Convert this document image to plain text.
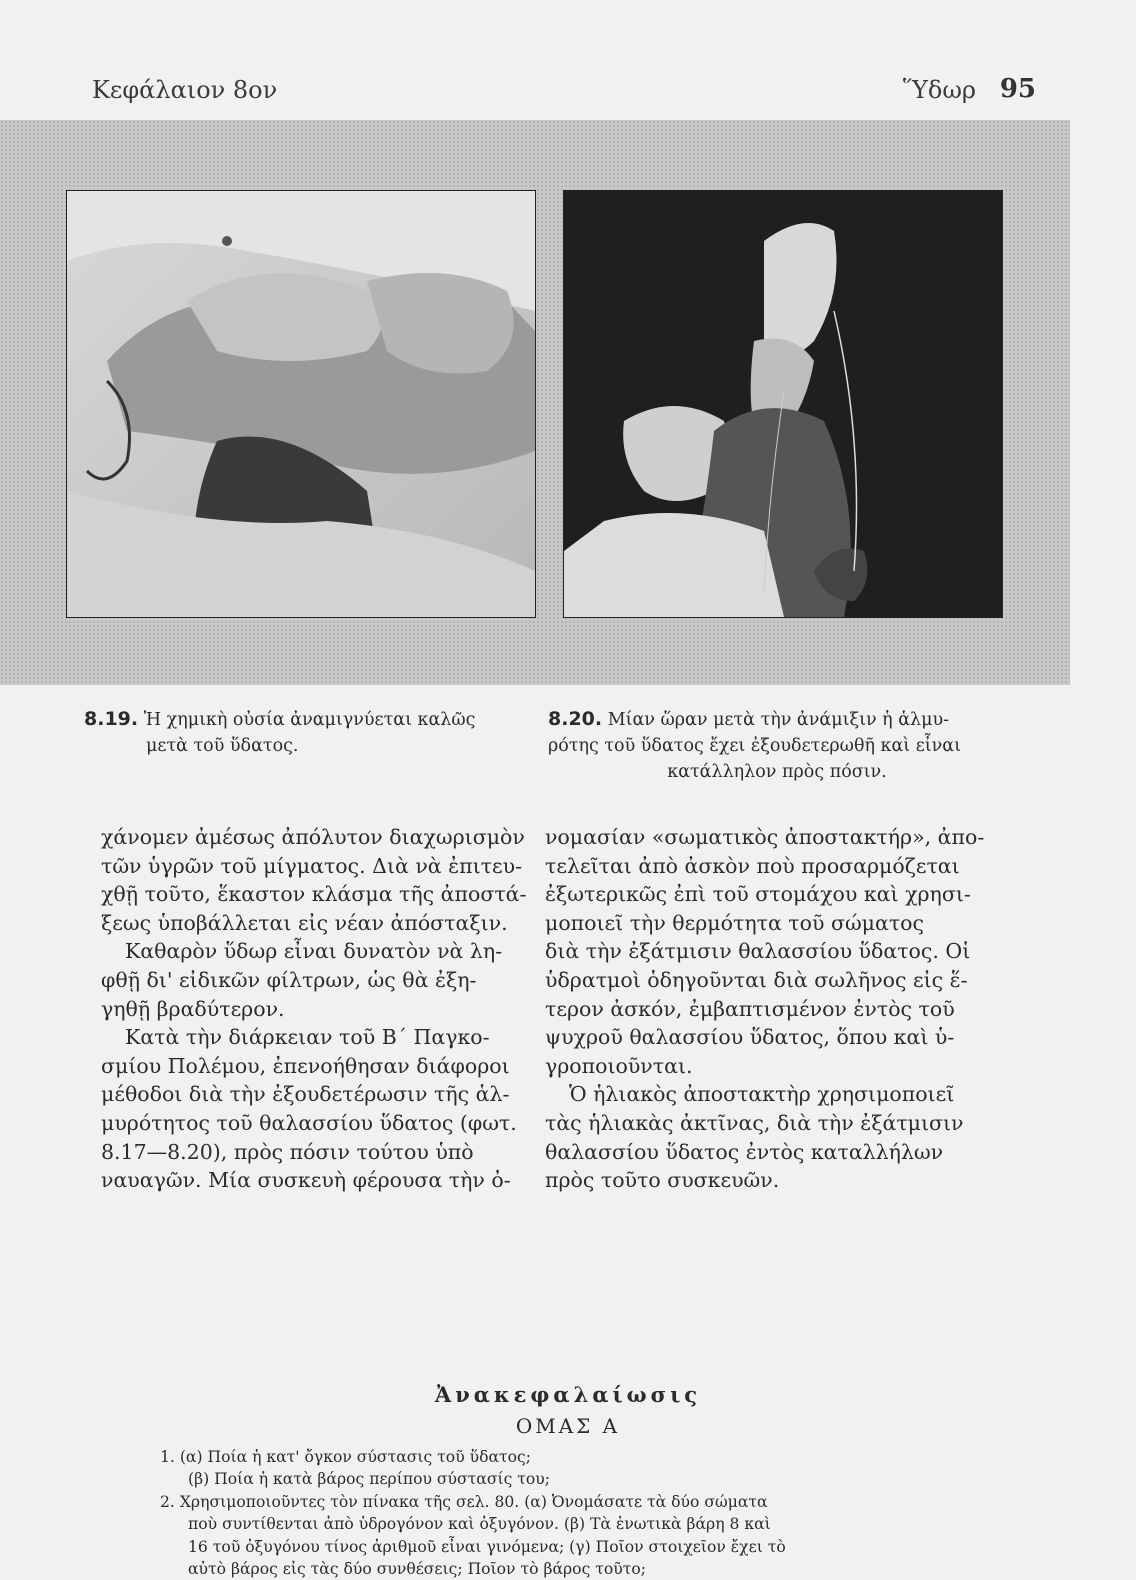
Κεφάλαιον 8ον	Ὕδωρ 95
8.19. Ἡ χημικὴ οὐσία ἀναμιγνύεται καλῶς
μετὰ τοῦ ὕδατος.
8.20. Μίαν ὥραν μετὰ τὴν ἀνάμιξιν ἡ ἁλμυ-
ρότης τοῦ ὕδατος ἔχει ἐξουδετερωθῆ καὶ εἶναι
κατάλληλον πρὸς πόσιν.

χάνομεν ἀμέσως ἀπόλυτον διαχωρισμὸν
τῶν ὑγρῶν τοῦ μίγματος. Διὰ νὰ ἐπιτευ-
χθῇ τοῦτο, ἕκαστον κλάσμα τῆς ἀποστά-
ξεως ὑποβάλλεται εἰς νέαν ἀπόσταξιν.

Καθαρὸν ὕδωρ εἶναι δυνατὸν νὰ λη-
φθῇ δι' εἰδικῶν φίλτρων, ὡς θὰ ἐξη-
γηθῇ βραδύτερον.

Κατὰ τὴν διάρκειαν τοῦ Β΄ Παγκο-
σμίου Πολέμου, ἐπενοήθησαν διάφοροι
μέθοδοι διὰ τὴν ἐξουδετέρωσιν τῆς ἁλ-
μυρότητος τοῦ θαλασσίου ὕδατος (φωτ.
8.17—8.20), πρὸς πόσιν τούτου ὑπὸ
ναυαγῶν. Μία συσκευὴ φέρουσα τὴν ὀ-

νομασίαν «σωματικὸς ἀποστακτήρ», ἀπο-
τελεῖται ἀπὸ ἀσκὸν ποὺ προσαρμόζεται
ἐξωτερικῶς ἐπὶ τοῦ στομάχου καὶ χρησι-
μοποιεῖ τὴν θερμότητα τοῦ σώματος
διὰ τὴν ἐξάτμισιν θαλασσίου ὕδατος. Οἱ
ὑδρατμοὶ ὁδηγοῦνται διὰ σωλῆνος εἰς ἕ-
τερον ἀσκόν, ἐμβαπτισμένον ἐντὸς τοῦ
ψυχροῦ θαλασσίου ὕδατος, ὅπου καὶ ὑ-
γροποιοῦνται.

Ὁ ἡλιακὸς ἀποστακτὴρ χρησιμοποιεῖ
τὰς ἡλιακὰς ἀκτῖνας, διὰ τὴν ἐξάτμισιν
θαλασσίου ὕδατος ἐντὸς καταλλήλων
πρὸς τοῦτο συσκευῶν.

Ἀνακεφαλαίωσις
ΟΜΑΣ Α
1. (α) Ποία ἡ κατ' ὄγκον σύστασις τοῦ ὕδατος;
(β) Ποία ἡ κατὰ βάρος περίπου σύστασίς του;
2. Χρησιμοποιοῦντες τὸν πίνακα τῆς σελ. 80. (α) Ὀνομάσατε τὰ δύο σώματα
ποὺ συντίθενται ἀπὸ ὑδρογόνον καὶ ὀξυγόνον. (β) Τὰ ἑνωτικὰ βάρη 8 καὶ
16 τοῦ ὀξυγόνου τίνος ἀριθμοῦ εἶναι γινόμενα; (γ) Ποῖον στοιχεῖον ἔχει τὸ
αὐτὸ βάρος εἰς τὰς δύο συνθέσεις; Ποῖον τὸ βάρος τοῦτο;
